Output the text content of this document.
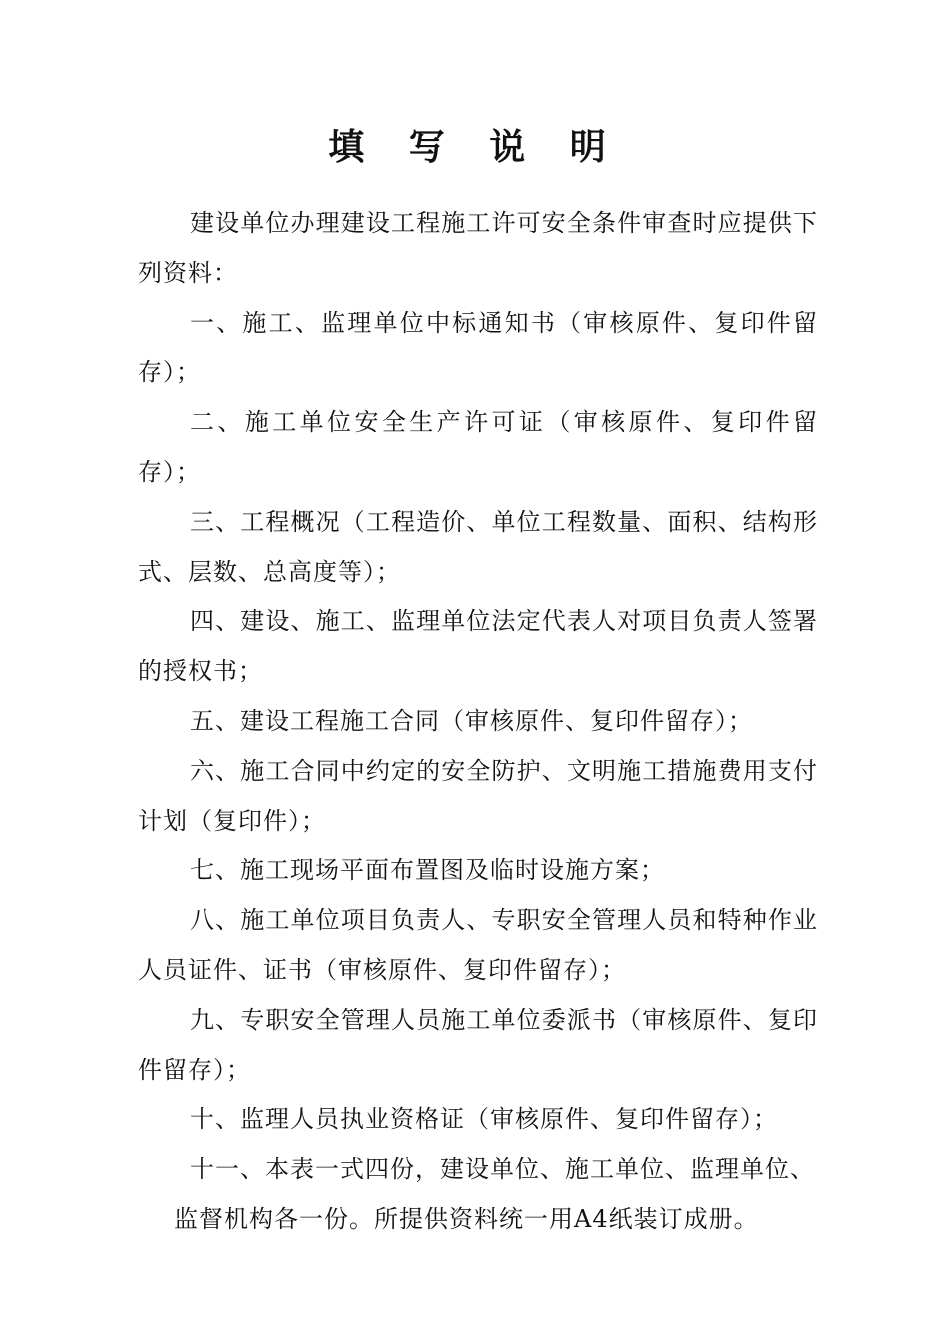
填 写 说 明

建设单位办理建设工程施工许可安全条件审查时应提供下列资料：

一、施工、监理单位中标通知书（审核原件、复印件留存）；

二、施工单位安全生产许可证（审核原件、复印件留存）；

三、工程概况（工程造价、单位工程数量、面积、结构形式、层数、总高度等）；

四、建设、施工、监理单位法定代表人对项目负责人签署的授权书；

五、建设工程施工合同（审核原件、复印件留存）；

六、施工合同中约定的安全防护、文明施工措施费用支付计划（复印件）；

七、施工现场平面布置图及临时设施方案；

八、施工单位项目负责人、专职安全管理人员和特种作业人员证件、证书（审核原件、复印件留存）；

九、专职安全管理人员施工单位委派书（审核原件、复印件留存）；

十、监理人员执业资格证（审核原件、复印件留存）；

十一、本表一式四份，建设单位、施工单位、监理单位、监督机构各一份。所提供资料统一用A4纸装订成册。
